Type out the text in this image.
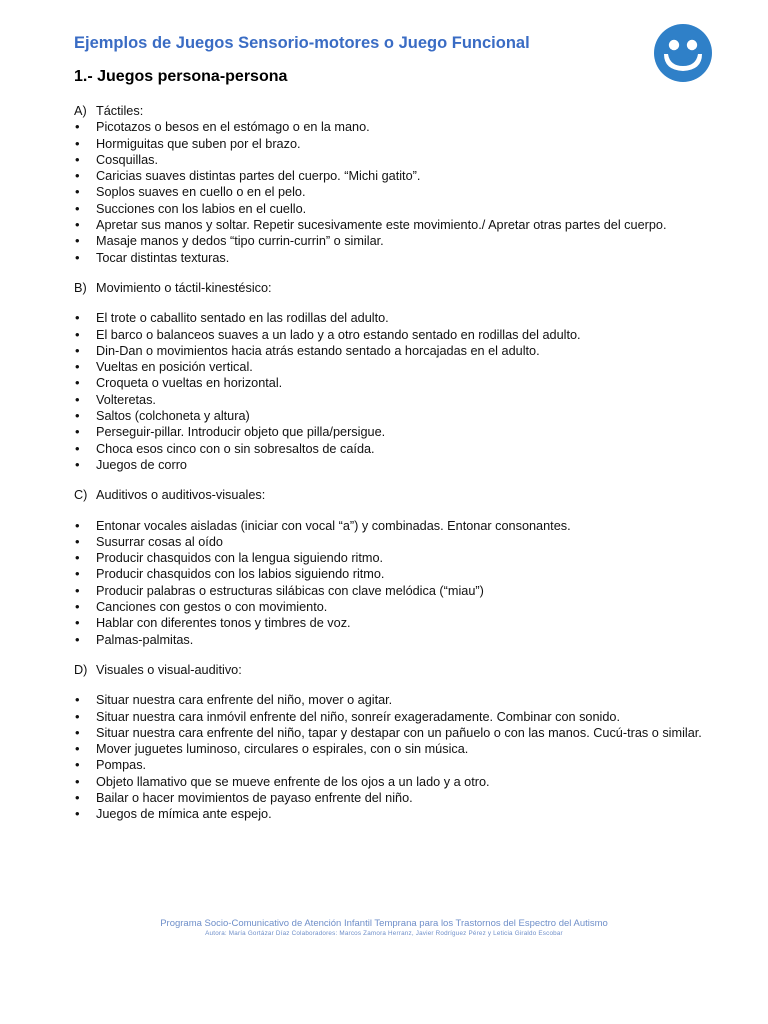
Ejemplos de Juegos Sensorio-motores o Juego Funcional
1.- Juegos persona-persona
A) Táctiles:
• Picotazos o besos en el estómago o en la mano.
• Hormiguitas que suben por el brazo.
• Cosquillas.
• Caricias suaves distintas partes del cuerpo. “Michi gatito”.
• Soplos suaves en cuello o en el pelo.
• Succiones con los labios en el cuello.
• Apretar sus manos y soltar. Repetir sucesivamente este movimiento./ Apretar otras partes del cuerpo.
• Masaje manos y dedos “tipo currin-currin” o similar.
• Tocar distintas texturas.
B) Movimiento o táctil-kinestésico:
• El trote o caballito sentado en las rodillas del adulto.
• El barco o balanceos suaves a un lado y a otro estando sentado en rodillas del adulto.
• Din-Dan o movimientos hacia atrás estando sentado a horcajadas en el adulto.
• Vueltas en posición vertical.
• Croqueta o vueltas en horizontal.
• Volteretas.
• Saltos (colchoneta y altura)
• Perseguir-pillar. Introducir objeto que pilla/persigue.
• Choca esos cinco con o sin sobresaltos de caída.
• Juegos de corro
C) Auditivos o auditivos-visuales:
• Entonar vocales aisladas (iniciar con vocal “a”) y combinadas. Entonar consonantes.
• Susurrar cosas al oído
• Producir chasquidos con la lengua siguiendo ritmo.
• Producir chasquidos con los labios siguiendo ritmo.
• Producir palabras o estructuras silábicas con clave melódica (“miau”)
• Canciones con gestos o con movimiento.
• Hablar con diferentes tonos y timbres de voz.
• Palmas-palmitas.
D) Visuales o visual-auditivo:
• Situar nuestra cara enfrente del niño, mover o agitar.
• Situar nuestra cara inmóvil enfrente del niño, sonreír exageradamente. Combinar con sonido.
• Situar nuestra cara enfrente del niño, tapar y destapar con un pañuelo o con las manos. Cucú-tras o similar.
• Mover juguetes luminoso, circulares o espirales, con o sin música.
• Pompas.
• Objeto llamativo que se mueve enfrente de los ojos a un lado y a otro.
• Bailar o hacer movimientos de payaso enfrente del niño.
• Juegos de mímica ante espejo.
Programa Socio-Comunicativo de Atención Infantil Temprana para los Trastornos del Espectro del Autismo
Autora: María Gortázar Díaz Colaboradores: Marcos Zamora Herranz, Javier Rodríguez Pérez y Leticia Giraldo Escobar
